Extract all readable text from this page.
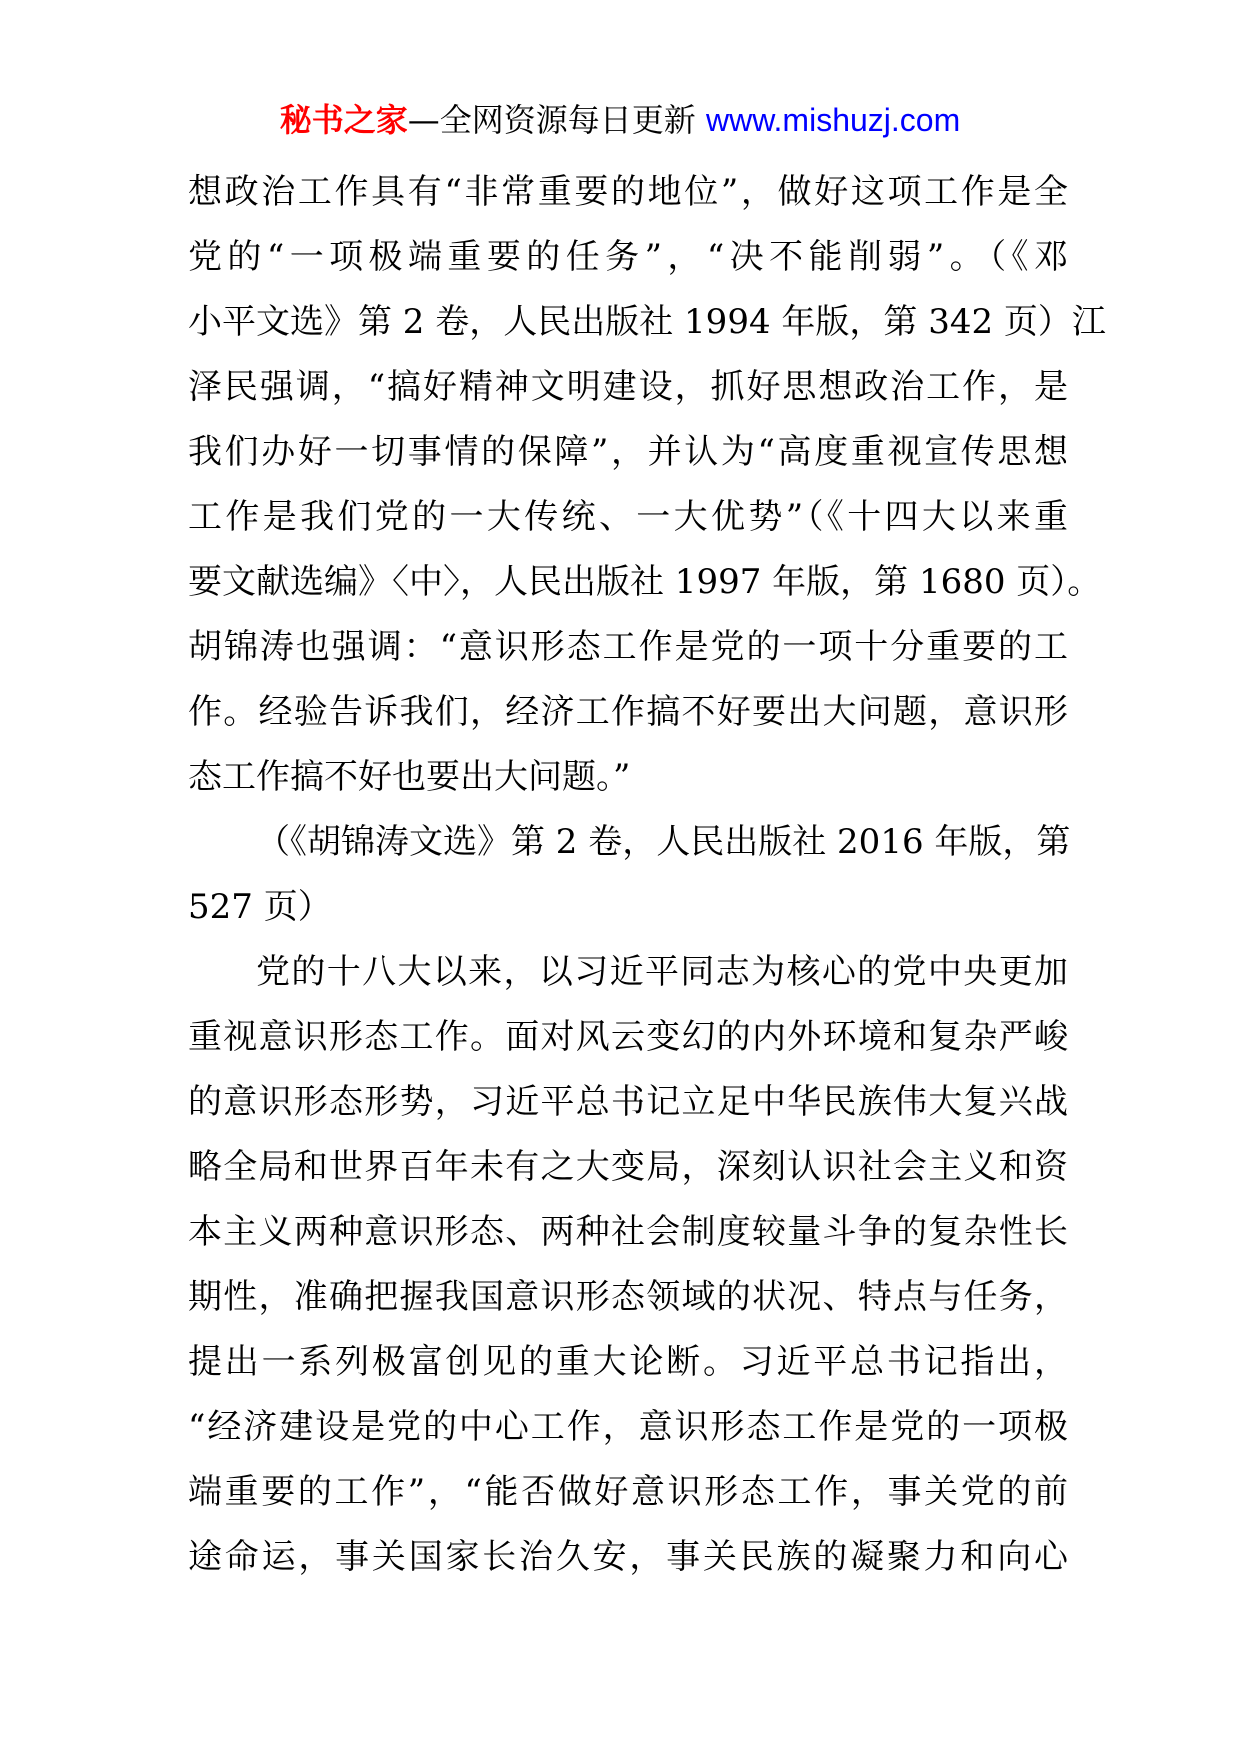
秘书之家—全网资源每日更新 www.mishuzj.com
想政治工作具有“非常重要的地位”，做好这项工作是全
党的“一项极端重要的任务”，“决不能削弱”。（《邓
小平文选》第 2 卷，人民出版社 1994 年版，第 342 页）江
泽民强调，“搞好精神文明建设，抓好思想政治工作，是
我们办好一切事情的保障”，并认为“高度重视宣传思想
工作是我们党的一大传统、一大优势”（《十四大以来重
要文献选编》〈中〉，人民出版社 1997 年版，第 1680 页）。
胡锦涛也强调：“意识形态工作是党的一项十分重要的工
作。经验告诉我们，经济工作搞不好要出大问题，意识形
态工作搞不好也要出大问题。”
（《胡锦涛文选》第 2 卷，人民出版社 2016 年版，第
527 页）
党的十八大以来，以习近平同志为核心的党中央更加
重视意识形态工作。面对风云变幻的内外环境和复杂严峻
的意识形态形势，习近平总书记立足中华民族伟大复兴战
略全局和世界百年未有之大变局，深刻认识社会主义和资
本主义两种意识形态、两种社会制度较量斗争的复杂性长
期性，准确把握我国意识形态领域的状况、特点与任务，
提出一系列极富创见的重大论断。习近平总书记指出，
“经济建设是党的中心工作，意识形态工作是党的一项极
端重要的工作”，“能否做好意识形态工作，事关党的前
途命运，事关国家长治久安，事关民族的凝聚力和向心
